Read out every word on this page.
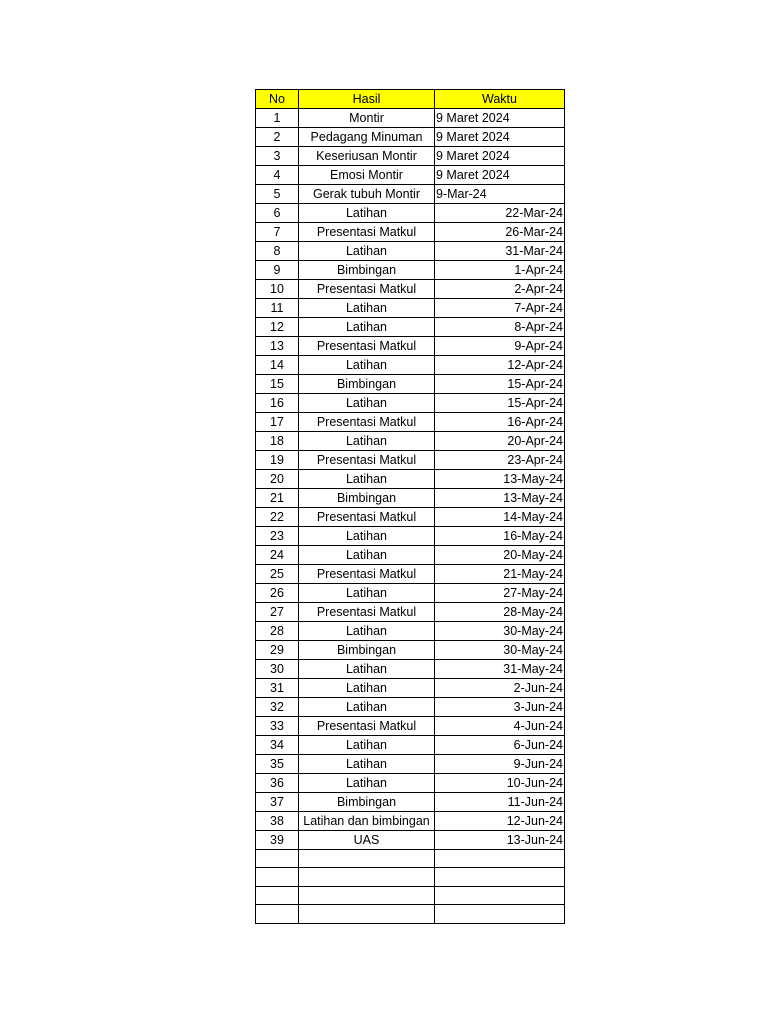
No	Hasil	Waktu
1	Montir	9 Maret 2024
2	Pedagang Minuman	9 Maret 2024
3	Keseriusan Montir	9 Maret 2024
4	Emosi Montir	9 Maret 2024
5	Gerak tubuh Montir	9-Mar-24
6	Latihan	22-Mar-24
7	Presentasi Matkul	26-Mar-24
8	Latihan	31-Mar-24
9	Bimbingan	1-Apr-24
10	Presentasi Matkul	2-Apr-24
11	Latihan	7-Apr-24
12	Latihan	8-Apr-24
13	Presentasi Matkul	9-Apr-24
14	Latihan	12-Apr-24
15	Bimbingan	15-Apr-24
16	Latihan	15-Apr-24
17	Presentasi Matkul	16-Apr-24
18	Latihan	20-Apr-24
19	Presentasi Matkul	23-Apr-24
20	Latihan	13-May-24
21	Bimbingan	13-May-24
22	Presentasi Matkul	14-May-24
23	Latihan	16-May-24
24	Latihan	20-May-24
25	Presentasi Matkul	21-May-24
26	Latihan	27-May-24
27	Presentasi Matkul	28-May-24
28	Latihan	30-May-24
29	Bimbingan	30-May-24
30	Latihan	31-May-24
31	Latihan	2-Jun-24
32	Latihan	3-Jun-24
33	Presentasi Matkul	4-Jun-24
34	Latihan	6-Jun-24
35	Latihan	9-Jun-24
36	Latihan	10-Jun-24
37	Bimbingan	11-Jun-24
38	Latihan dan bimbingan	12-Jun-24
39	UAS	13-Jun-24
